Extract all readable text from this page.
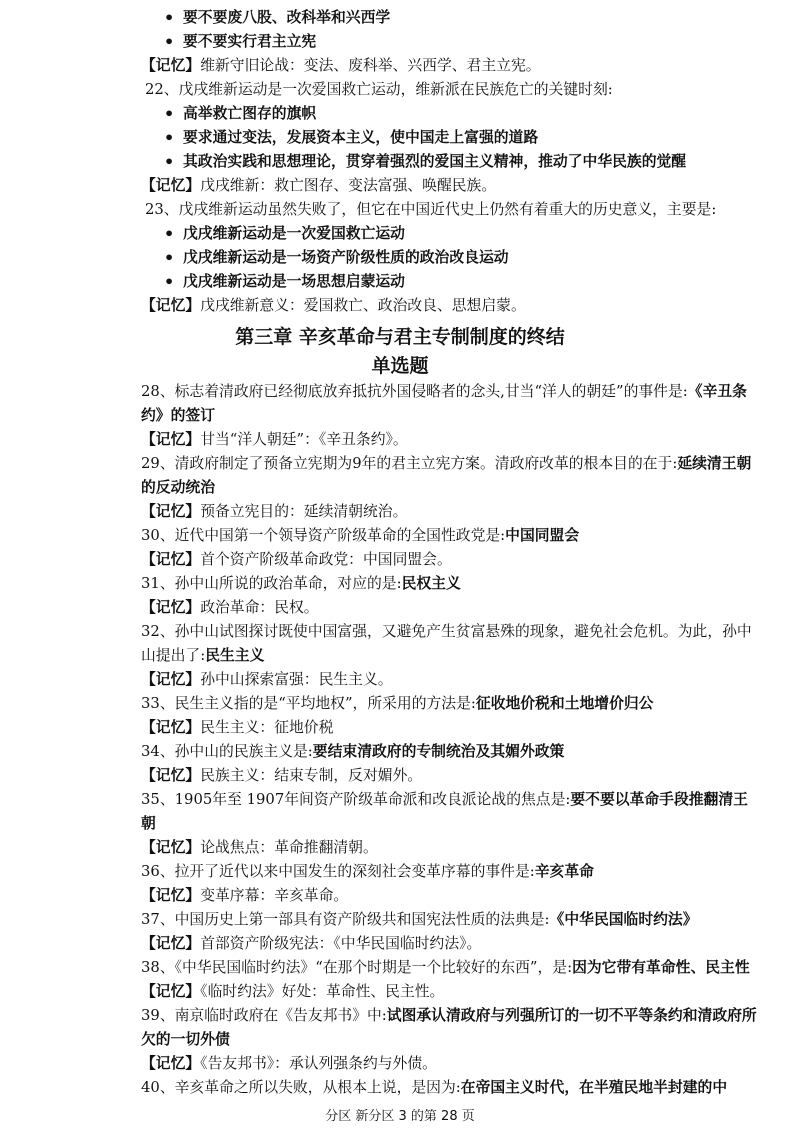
• 要不要废八股、改科举和兴西学
• 要不要实行君主立宪
【记忆】维新守旧论战：变法、废科举、兴西学、君主立宪。
22、戊戌维新运动是一次爱国救亡运动，维新派在民族危亡的关键时刻:
• 高举救亡图存的旗帜
• 要求通过变法，发展资本主义，使中国走上富强的道路
• 其政治实践和思想理论，贯穿着强烈的爱国主义精神，推动了中华民族的觉醒
【记忆】戊戌维新：救亡图存、变法富强、唤醒民族。
23、戊戌维新运动虽然失败了，但它在中国近代史上仍然有着重大的历史意义，主要是:
• 戊戌维新运动是一次爱国救亡运动
• 戊戌维新运动是一场资产阶级性质的政治改良运动
• 戊戌维新运动是一场思想启蒙运动
【记忆】戊戌维新意义：爱国救亡、政治改良、思想启蒙。
第三章 辛亥革命与君主专制制度的终结
单选题
28、标志着清政府已经彻底放弃抵抗外国侵略者的念头,甘当“洋人的朝廷”的事件是:《辛丑条约》的签订
【记忆】甘当“洋人朝廷”：《辛丑条约》。
29、清政府制定了预备立宪期为9年的君主立宪方案。清政府改革的根本目的在于:延续清王朝的反动统治
【记忆】预备立宪目的：延续清朝统治。
30、近代中国第一个领导资产阶级革命的全国性政党是:中国同盟会
【记忆】首个资产阶级革命政党：中国同盟会。
31、孙中山所说的政治革命，对应的是:民权主义
【记忆】政治革命：民权。
32、孙中山试图探讨既使中国富强，又避免产生贫富悬殊的现象，避免社会危机。为此，孙中山提出了:民生主义
【记忆】孙中山探索富强：民生主义。
33、民生主义指的是“平均地权”，所采用的方法是:征收地价税和土地增价归公
【记忆】民生主义：征地价税
34、孙中山的民族主义是:要结束清政府的专制统治及其媚外政策
【记忆】民族主义：结束专制，反对媚外。
35、1905年至 1907年间资产阶级革命派和改良派论战的焦点是:要不要以革命手段推翻清王朝
【记忆】论战焦点：革命推翻清朝。
36、拉开了近代以来中国发生的深刻社会变革序幕的事件是:辛亥革命
【记忆】变革序幕：辛亥革命。
37、中国历史上第一部具有资产阶级共和国宪法性质的法典是:《中华民国临时约法》
【记忆】首部资产阶级宪法：《中华民国临时约法》。
38、《中华民国临时约法》“在那个时期是一个比较好的东西”，是:因为它带有革命性、民主性
【记忆】《临时约法》好处：革命性、民主性。
39、南京临时政府在《告友邦书》中:试图承认清政府与列强所订的一切不平等条约和清政府所欠的一切外债
【记忆】《告友邦书》：承认列强条约与外债。
40、辛亥革命之所以失败，从根本上说，是因为:在帝国主义时代，在半殖民地半封建的中
分区 新分区 3 的第 28 页
